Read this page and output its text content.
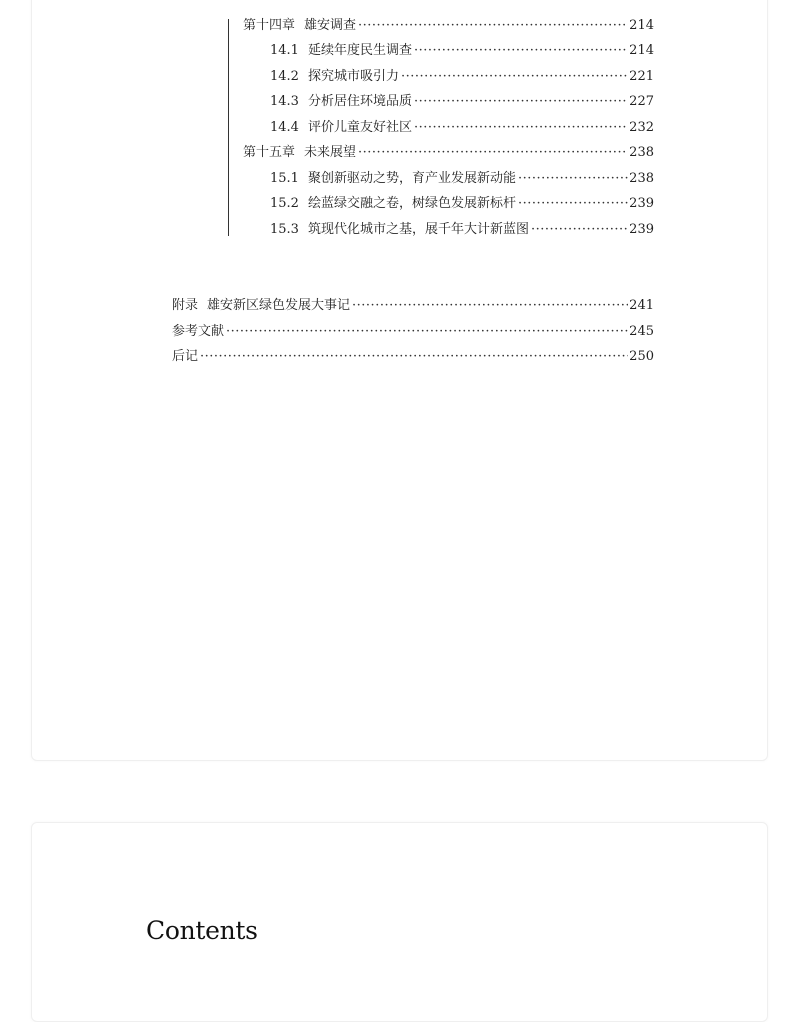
第十四章 雄安调查 ·····	214
14.1 延续年度民生调查 ·····	214
14.2 探究城市吸引力 ·····	221
14.3 分析居住环境品质 ·····	227
14.4 评价儿童友好社区 ·····	232
第十五章 未来展望 ·····	238
15.1 聚创新驱动之势，育产业发展新动能 ·····	238
15.2 绘蓝绿交融之卷，树绿色发展新标杆 ·····	239
15.3 筑现代化城市之基，展千年大计新蓝图 ·····	239
附录 雄安新区绿色发展大事记 ·····	241
参考文献 ·····	245
后记 ·····	250
Contents
